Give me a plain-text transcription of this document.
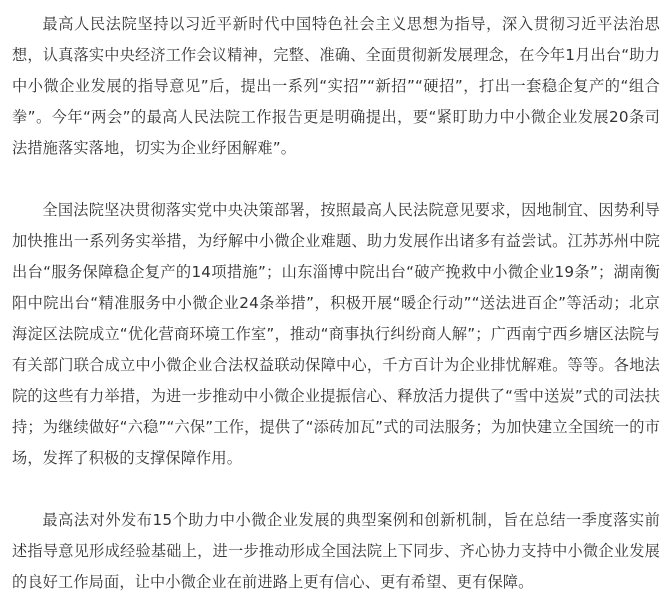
最高人民法院坚持以习近平新时代中国特色社会主义思想为指导，深入贯彻习近平法治思想，认真落实中央经济工作会议精神，完整、准确、全面贯彻新发展理念，在今年1月出台“助力中小微企业发展的指导意见”后，提出一系列“实招”“新招”“硬招”，打出一套稳企复产的“组合拳”。今年“两会”的最高人民法院工作报告更是明确提出，要“紧盯助力中小微企业发展20条司法措施落实落地，切实为企业纾困解难”。

全国法院坚决贯彻落实党中央决策部署，按照最高人民法院意见要求，因地制宜、因势利导加快推出一系列务实举措，为纾解中小微企业难题、助力发展作出诸多有益尝试。江苏苏州中院出台“服务保障稳企复产的14项措施”；山东淄博中院出台“破产挽救中小微企业19条”；湖南衡阳中院出台“精准服务中小微企业24条举措”，积极开展“暖企行动”“送法进百企”等活动；北京海淀区法院成立“优化营商环境工作室”，推动“商事执行纠纷商人解”；广西南宁西乡塘区法院与有关部门联合成立中小微企业合法权益联动保障中心，千方百计为企业排忧解难。等等。各地法院的这些有力举措，为进一步推动中小微企业提振信心、释放活力提供了“雪中送炭”式的司法扶持；为继续做好“六稳”“六保”工作，提供了“添砖加瓦”式的司法服务；为加快建立全国统一的市场，发挥了积极的支撑保障作用。

最高法对外发布15个助力中小微企业发展的典型案例和创新机制，旨在总结一季度落实前述指导意见形成经验基础上，进一步推动形成全国法院上下同步、齐心协力支持中小微企业发展的良好工作局面，让中小微企业在前进路上更有信心、更有希望、更有保障。
